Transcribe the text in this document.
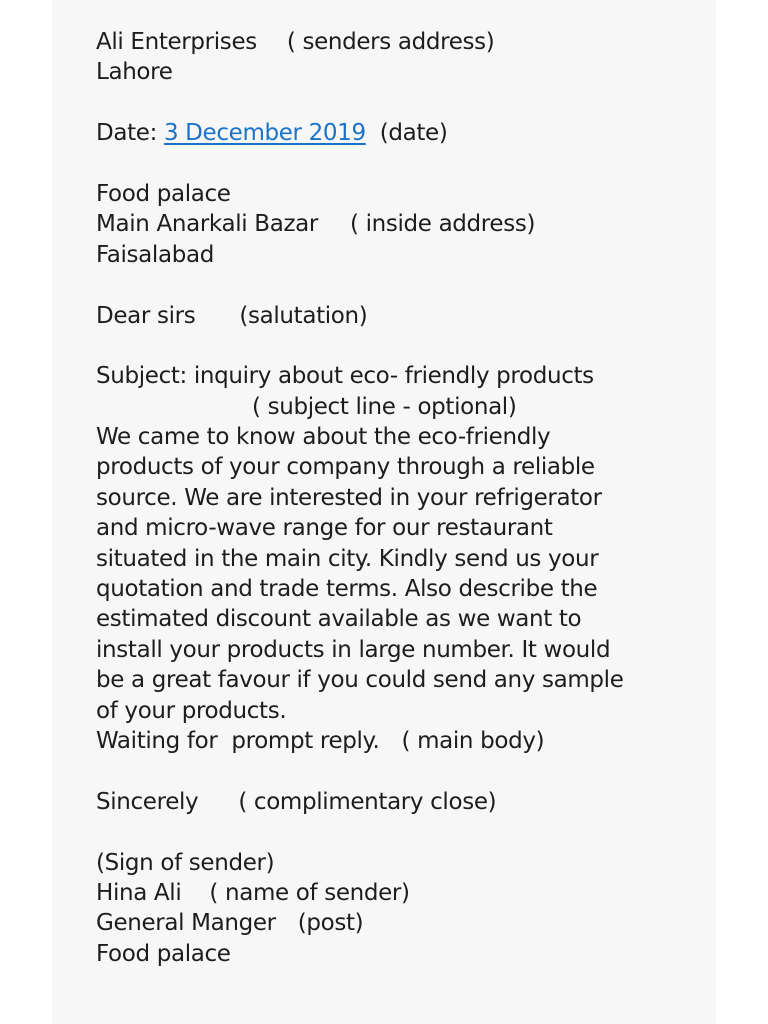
Ali Enterprises ( senders address)
Lahore
Date: 3 December 2019 (date)
Food palace
Main Anarkali Bazar ( inside address)
Faisalabad
Dear sirs (salutation)
Subject: inquiry about eco- friendly products
( subject line - optional)
We came to know about the eco-friendly
products of your company through a reliable
source. We are interested in your refrigerator
and micro-wave range for our restaurant
situated in the main city. Kindly send us your
quotation and trade terms. Also describe the
estimated discount available as we want to
install your products in large number. It would
be a great favour if you could send any sample
of your products.
Waiting for  prompt reply. ( main body)
Sincerely ( complimentary close)
(Sign of sender)
Hina Ali ( name of sender)
General Manger (post)
Food palace
